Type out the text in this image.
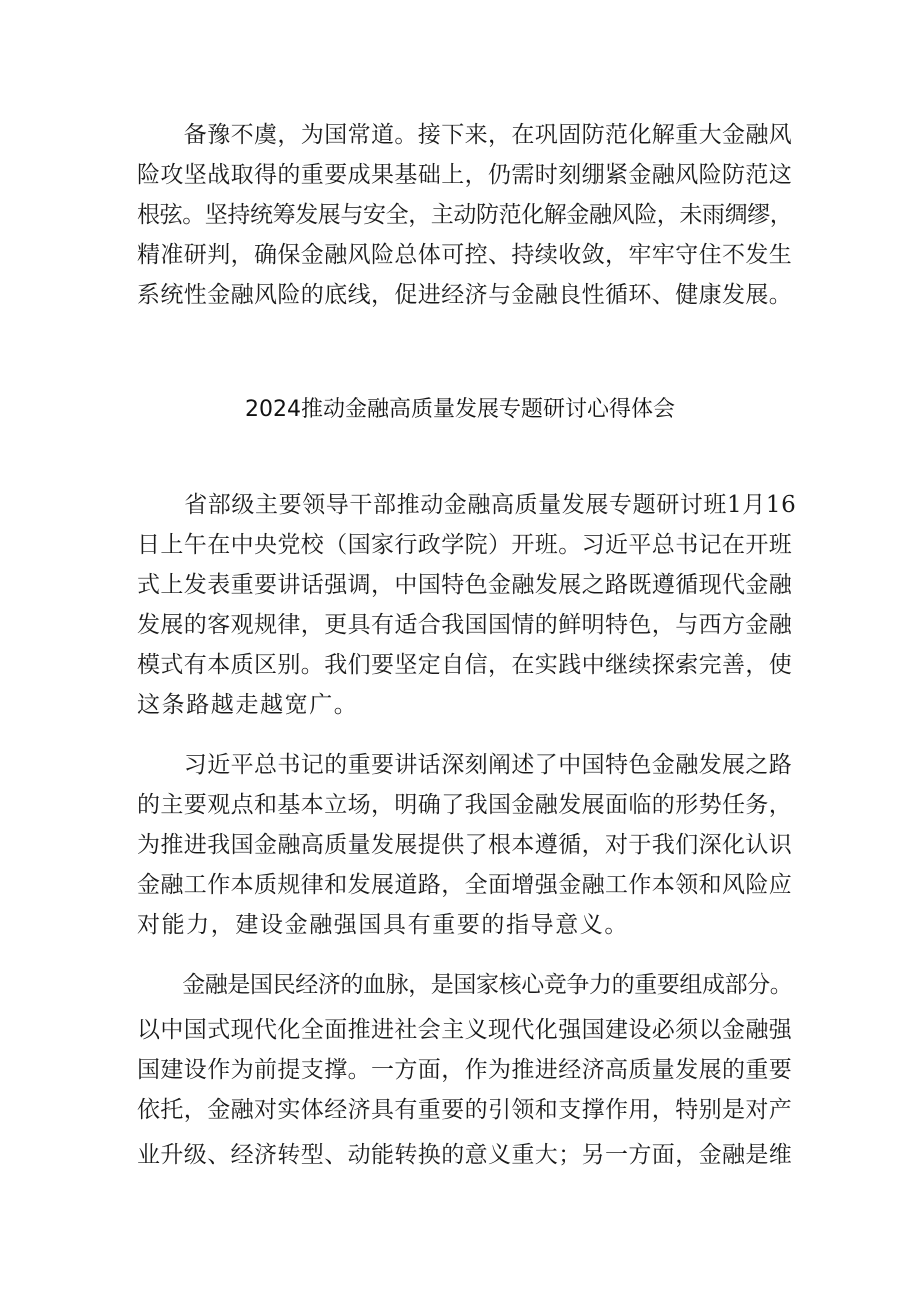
　　备豫不虞，为国常道。接下来，在巩固防范化解重大金融风
险攻坚战取得的重要成果基础上，仍需时刻绷紧金融风险防范这
根弦。坚持统筹发展与安全，主动防范化解金融风险，未雨绸缪，
精准研判，确保金融风险总体可控、持续收敛，牢牢守住不发生
系统性金融风险的底线，促进经济与金融良性循环、健康发展。
2024推动金融高质量发展专题研讨心得体会
　　省部级主要领导干部推动金融高质量发展专题研讨班1月16
日上午在中央党校（国家行政学院）开班。习近平总书记在开班
式上发表重要讲话强调，中国特色金融发展之路既遵循现代金融
发展的客观规律，更具有适合我国国情的鲜明特色，与西方金融
模式有本质区别。我们要坚定自信，在实践中继续探索完善，使
这条路越走越宽广。
　　习近平总书记的重要讲话深刻阐述了中国特色金融发展之路
的主要观点和基本立场，明确了我国金融发展面临的形势任务，
为推进我国金融高质量发展提供了根本遵循，对于我们深化认识
金融工作本质规律和发展道路，全面增强金融工作本领和风险应
对能力，建设金融强国具有重要的指导意义。
　　金融是国民经济的血脉，是国家核心竞争力的重要组成部分。
以中国式现代化全面推进社会主义现代化强国建设必须以金融强
国建设作为前提支撑。一方面，作为推进经济高质量发展的重要
依托，金融对实体经济具有重要的引领和支撑作用，特别是对产
业升级、经济转型、动能转换的意义重大；另一方面，金融是维
